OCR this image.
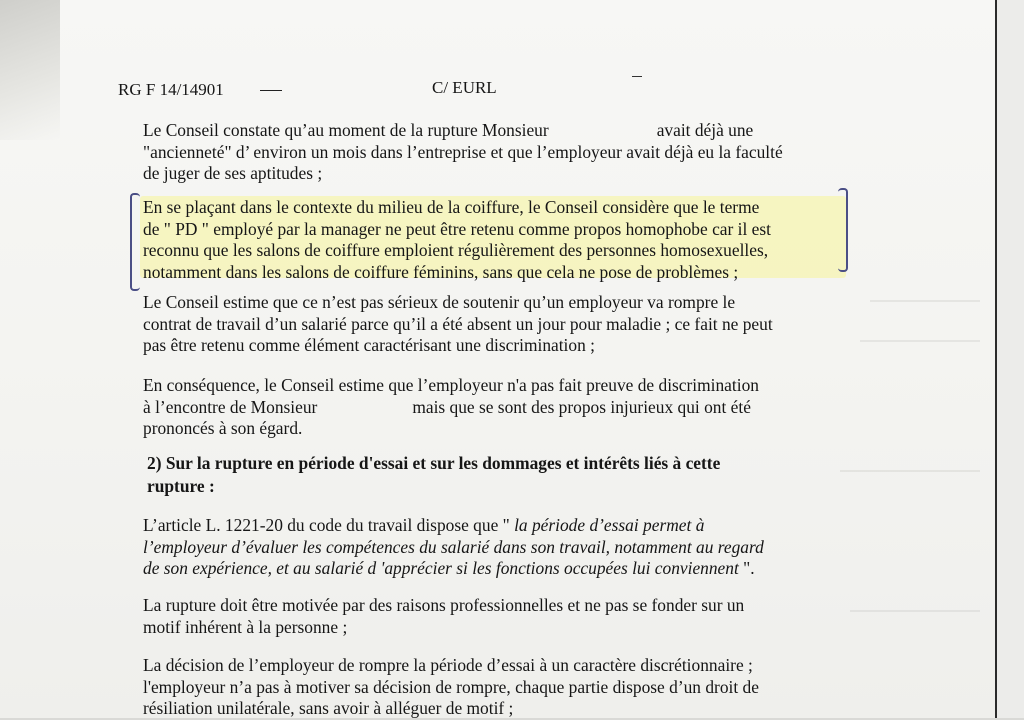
RG F 14/14901	C/ EURL
Le Conseil constate qu’au moment de la rupture Monsieur	avait déjà une
"ancienneté" d’ environ un mois dans l’entreprise et que l’employeur avait déjà eu la faculté
de juger de ses aptitudes ;
En se plaçant dans le contexte du milieu de la coiffure, le Conseil considère que le terme
de " PD " employé par la manager ne peut être retenu comme propos homophobe car il est
reconnu que les salons de coiffure emploient régulièrement des personnes homosexuelles,
notamment dans les salons de coiffure féminins, sans que cela ne pose de problèmes ;
Le Conseil estime que ce n’est pas sérieux de soutenir qu’un employeur va rompre le
contrat de travail d’un salarié parce qu’il a été absent un jour pour maladie ; ce fait ne peut
pas être retenu comme élément caractérisant une discrimination ;
En conséquence, le Conseil estime que l’employeur n'a pas fait preuve de discrimination
à l’encontre de Monsieur	mais que se sont des propos injurieux qui ont été
prononcés à son égard.
2) Sur la rupture en période d'essai et sur les dommages et intérêts liés à cette
rupture :
L’article L. 1221-20 du code du travail dispose que " la période d’essai permet à
l’employeur d’évaluer les compétences du salarié dans son travail, notamment au regard
de son expérience, et au salarié d 'apprécier si les fonctions occupées lui conviennent ".
La rupture doit être motivée par des raisons professionnelles et ne pas se fonder sur un
motif inhérent à la personne ;
La décision de l’employeur de rompre la période d’essai à un caractère discrétionnaire ;
l'employeur n’a pas à motiver sa décision de rompre, chaque partie dispose d’un droit de
résiliation unilatérale, sans avoir à alléguer de motif ;
